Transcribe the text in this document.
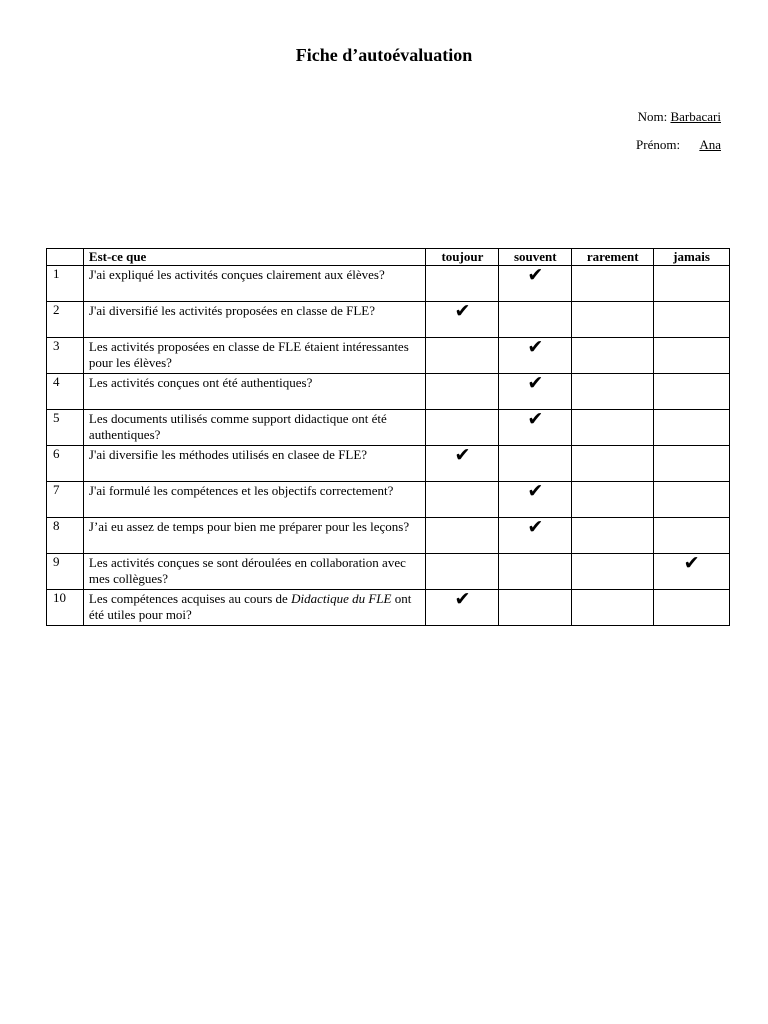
Fiche d’autoévaluation
Nom: Barbacari
Prénom: Ana
	Est-ce que	toujour	souvent	rarement	jamais
1	J'ai expliqué les activités conçues clairement aux élèves?		✔		
2	J'ai diversifié les activités proposées en classe de FLE?	✔			
3	Les activités proposées en classe de FLE étaient intéressantes pour les élèves?		✔		
4	Les activités conçues ont été authentiques?		✔		
5	Les documents utilisés comme support didactique ont été authentiques?		✔		
6	J'ai diversifie les méthodes utilisés en clasee de FLE?	✔			
7	J'ai formulé les compétences et les objectifs correctement?		✔		
8	J’ai eu assez de temps pour bien me préparer pour les leçons?		✔		
9	Les activités conçues se sont déroulées en collaboration avec mes collègues?				✔
10	Les compétences acquises au cours de Didactique du FLE ont été utiles pour moi?	✔			
